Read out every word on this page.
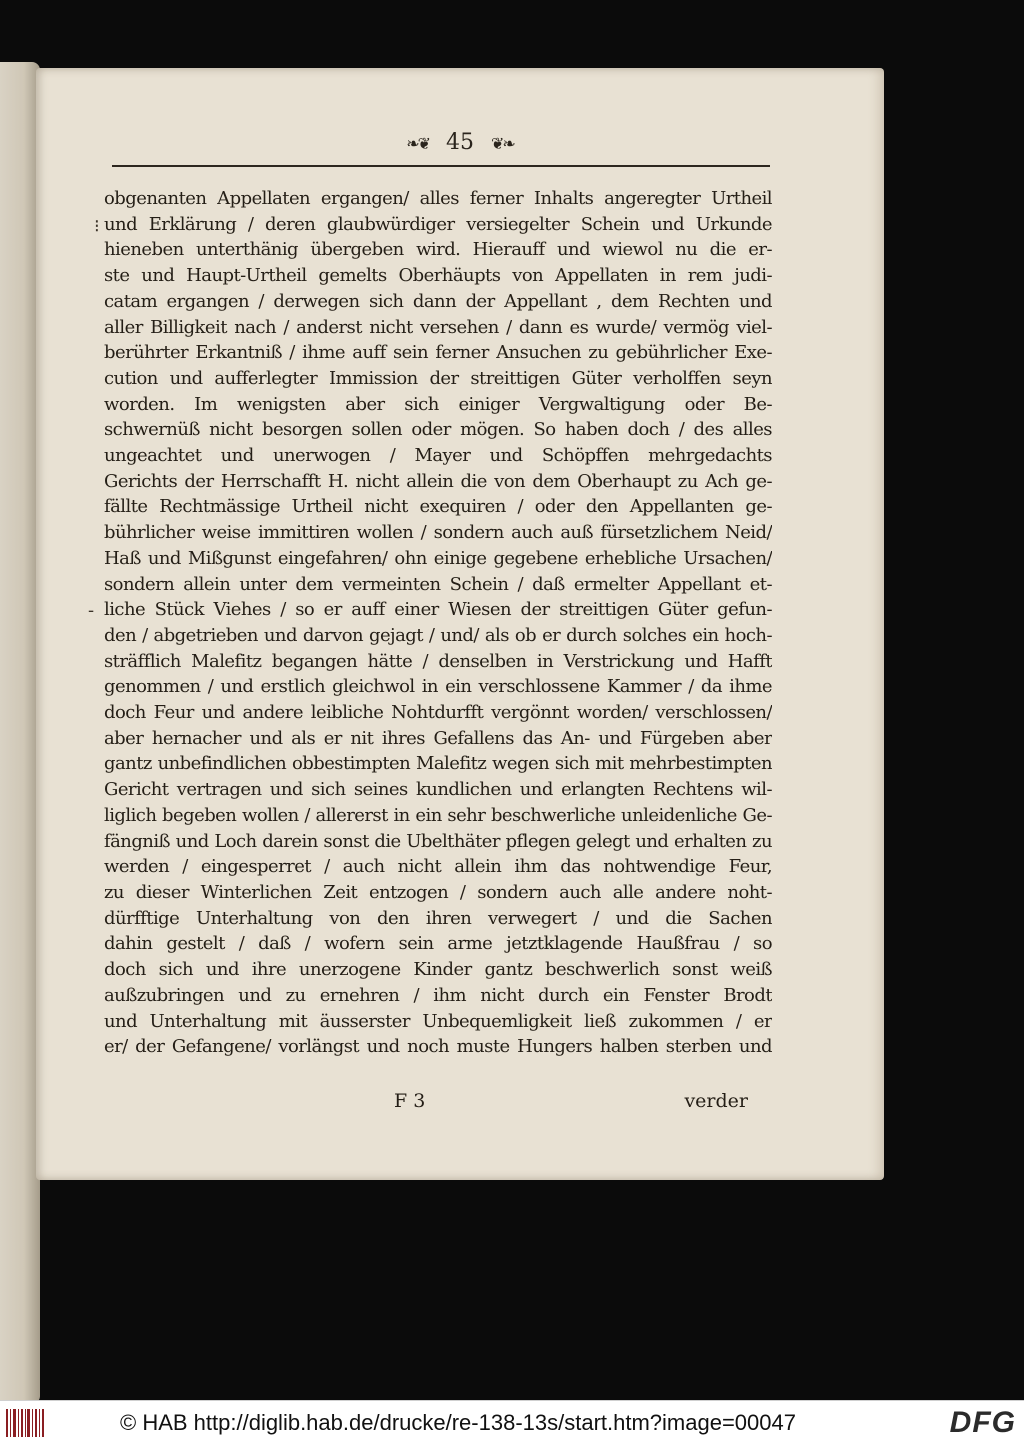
❧❦ 45 ❦❧
⁝
-
obgenanten Appellaten ergangen/ alles ferner Inhalts angeregter Urtheil
und Erklärung / deren glaubwürdiger versiegelter Schein und Urkunde
hieneben unterthänig übergeben wird. Hierauff und wiewol nu die er-
ste und Haupt-Urtheil gemelts Oberhäupts von Appellaten in rem judi-
catam ergangen / derwegen sich dann der Appellant , dem Rechten und
aller Billigkeit nach / anderst nicht versehen / dann es wurde/ vermög viel-
berührter Erkantniß / ihme auff sein ferner Ansuchen zu gebührlicher Exe-
cution und aufferlegter Immission der streittigen Güter verholffen seyn
worden. Im wenigsten aber sich einiger Vergwaltigung oder Be-
schwernüß nicht besorgen sollen oder mögen. So haben doch / des alles
ungeachtet und unerwogen / Mayer und Schöpffen mehrgedachts
Gerichts der Herrschafft H. nicht allein die von dem Oberhaupt zu Ach ge-
fällte Rechtmässige Urtheil nicht exequiren / oder den Appellanten ge-
bührlicher weise immittiren wollen / sondern auch auß fürsetzlichem Neid/
Haß und Mißgunst eingefahren/ ohn einige gegebene erhebliche Ursachen/
sondern allein unter dem vermeinten Schein / daß ermelter Appellant et-
liche Stück Viehes / so er auff einer Wiesen der streittigen Güter gefun-
den / abgetrieben und darvon gejagt / und/ als ob er durch solches ein hoch-
sträfflich Malefitz begangen hätte / denselben in Verstrickung und Hafft
genommen / und erstlich gleichwol in ein verschlossene Kammer / da ihme
doch Feur und andere leibliche Nohtdurfft vergönnt worden/ verschlossen/
aber hernacher und als er nit ihres Gefallens das An- und Fürgeben aber
gantz unbefindlichen obbestimpten Malefitz wegen sich mit mehrbestimpten
Gericht vertragen und sich seines kundlichen und erlangten Rechtens wil-
liglich begeben wollen / allererst in ein sehr beschwerliche unleidenliche Ge-
fängniß und Loch darein sonst die Ubelthäter pflegen gelegt und erhalten zu
werden / eingesperret / auch nicht allein ihm das nohtwendige Feur,
zu dieser Winterlichen Zeit entzogen / sondern auch alle andere noht-
dürfftige Unterhaltung von den ihren verwegert / und die Sachen
dahin gestelt / daß / wofern sein arme jetztklagende Haußfrau / so
doch sich und ihre unerzogene Kinder gantz beschwerlich sonst weiß
außzubringen und zu ernehren / ihm nicht durch ein Fenster Brodt
und Unterhaltung mit äusserster Unbequemligkeit ließ zukommen / er
er/ der Gefangene/ vorlängst und noch muste Hungers halben sterben und
F 3	verder
© HAB http://diglib.hab.de/drucke/re-138-13s/start.htm?image=00047	DFG
